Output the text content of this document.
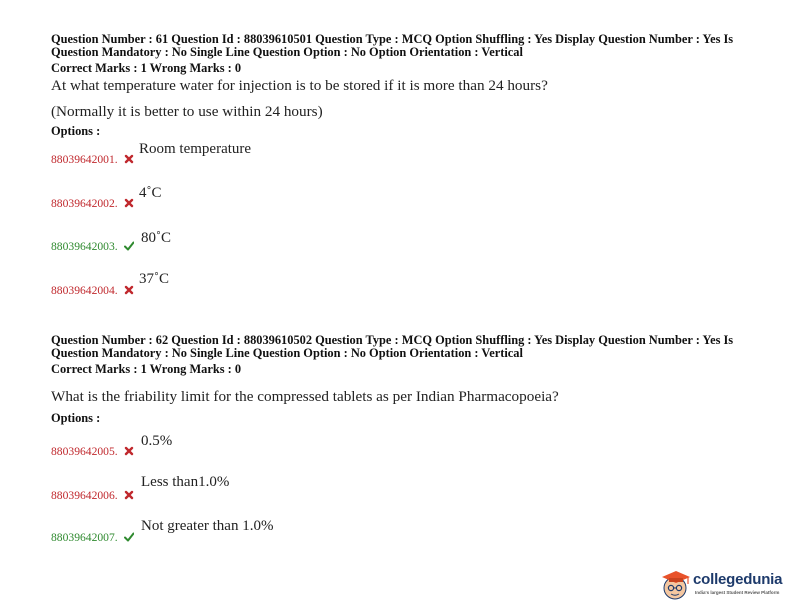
Question Number : 61 Question Id : 88039610501 Question Type : MCQ Option Shuffling : Yes Display Question Number : Yes Is
Question Mandatory : No Single Line Question Option : No Option Orientation : Vertical
Correct Marks : 1 Wrong Marks : 0
At what temperature water for injection is to be stored if it is more than 24 hours?
(Normally it is better to use within 24 hours)
Options :
88039642001.
Room temperature
88039642002.
4˚C
88039642003.
80˚C
88039642004.
37˚C
Question Number : 62 Question Id : 88039610502 Question Type : MCQ Option Shuffling : Yes Display Question Number : Yes Is
Question Mandatory : No Single Line Question Option : No Option Orientation : Vertical
Correct Marks : 1 Wrong Marks : 0
What is the friability limit for the compressed tablets as per Indian Pharmacopoeia?
Options :
88039642005.
0.5%
88039642006.
Less than1.0%
88039642007.
Not greater than 1.0%
collegedunia
India's largest Student Review Platform
